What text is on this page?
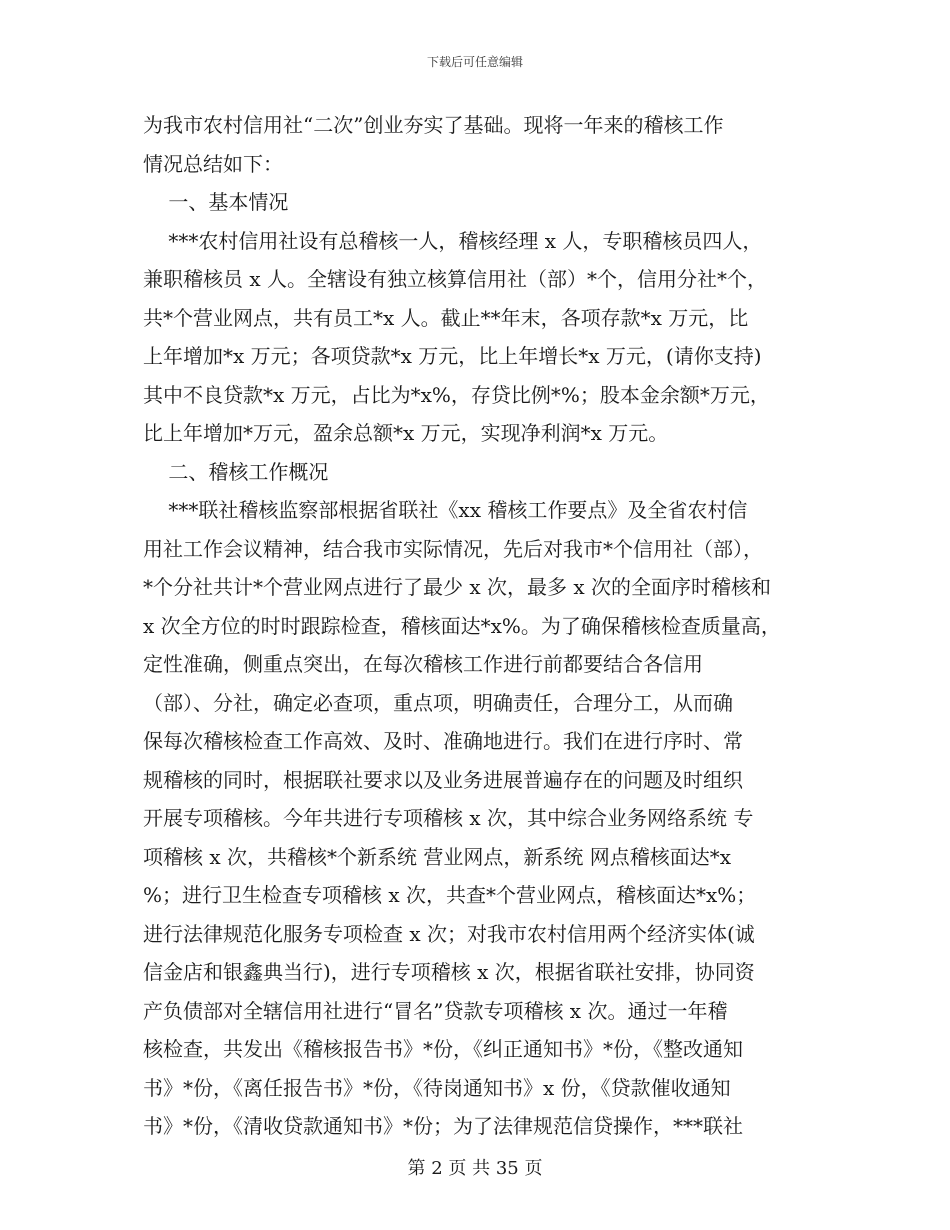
下载后可任意编辑
为我市农村信用社“二次”创业夯实了基础。现将一年来的稽核工作
情况总结如下：
一、基本情况
***农村信用社设有总稽核一人，稽核经理 x 人，专职稽核员四人，
兼职稽核员 x 人。全辖设有独立核算信用社（部）*个，信用分社*个，
共*个营业网点，共有员工*x 人。截止**年末，各项存款*x 万元，比
上年增加*x 万元；各项贷款*x 万元，比上年增长*x 万元，(请你支持)
其中不良贷款*x 万元，占比为*x%，存贷比例*%；股本金余额*万元，
比上年增加*万元，盈余总额*x 万元，实现净利润*x 万元。
二、稽核工作概况
***联社稽核监察部根据省联社《xx 稽核工作要点》及全省农村信
用社工作会议精神，结合我市实际情况，先后对我市*个信用社（部），
*个分社共计*个营业网点进行了最少 x 次，最多 x 次的全面序时稽核和
x 次全方位的时时跟踪检查，稽核面达*x%。为了确保稽核检查质量高，
定性准确，侧重点突出，在每次稽核工作进行前都要结合各信用
（部）、分社，确定必查项，重点项，明确责任，合理分工，从而确
保每次稽核检查工作高效、及时、准确地进行。我们在进行序时、常
规稽核的同时，根据联社要求以及业务进展普遍存在的问题及时组织
开展专项稽核。今年共进行专项稽核 x 次，其中综合业务网络系统 专
项稽核 x 次，共稽核*个新系统 营业网点，新系统 网点稽核面达*x
%；进行卫生检查专项稽核 x 次，共查*个营业网点，稽核面达*x%；
进行法律规范化服务专项检查 x 次；对我市农村信用两个经济实体(诚
信金店和银鑫典当行)，进行专项稽核 x 次，根据省联社安排，协同资
产负债部对全辖信用社进行“冒名”贷款专项稽核 x 次。通过一年稽
核检查，共发出《稽核报告书》*份，《纠正通知书》*份，《整改通知
书》*份，《离任报告书》*份，《待岗通知书》x 份，《贷款催收通知
书》*份，《清收贷款通知书》*份；为了法律规范信贷操作，***联社
第 2 页 共 35 页
